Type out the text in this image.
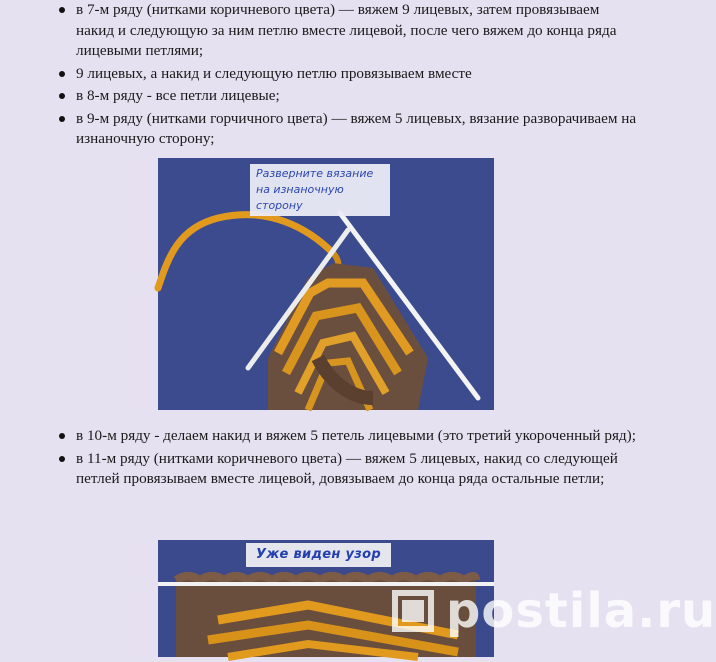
в 7-м ряду (нитками коричневого цвета) — вяжем 9 лицевых, затем провязываем накид и следующую за ним петлю вместе лицевой, после чего вяжем до конца ряда лицевыми петлями;
9 лицевых, а накид и следующую петлю провязываем вместе
в 8-м ряду - все петли лицевые;
в 9-м ряду (нитками горчичного цвета) — вяжем 5 лицевых, вязание разворачиваем на изнаночную сторону;
Разверните вязание на изнаночную сторону
в 10-м ряду - делаем накид и вяжем 5 петель лицевыми (это третий укороченный ряд);
в 11-м ряду (нитками коричневого цвета) — вяжем 5 лицевых, накид со следующей петлей провязываем вместе лицевой, довязываем до конца ряда остальные петли;
Уже виден узор
postila.ru
